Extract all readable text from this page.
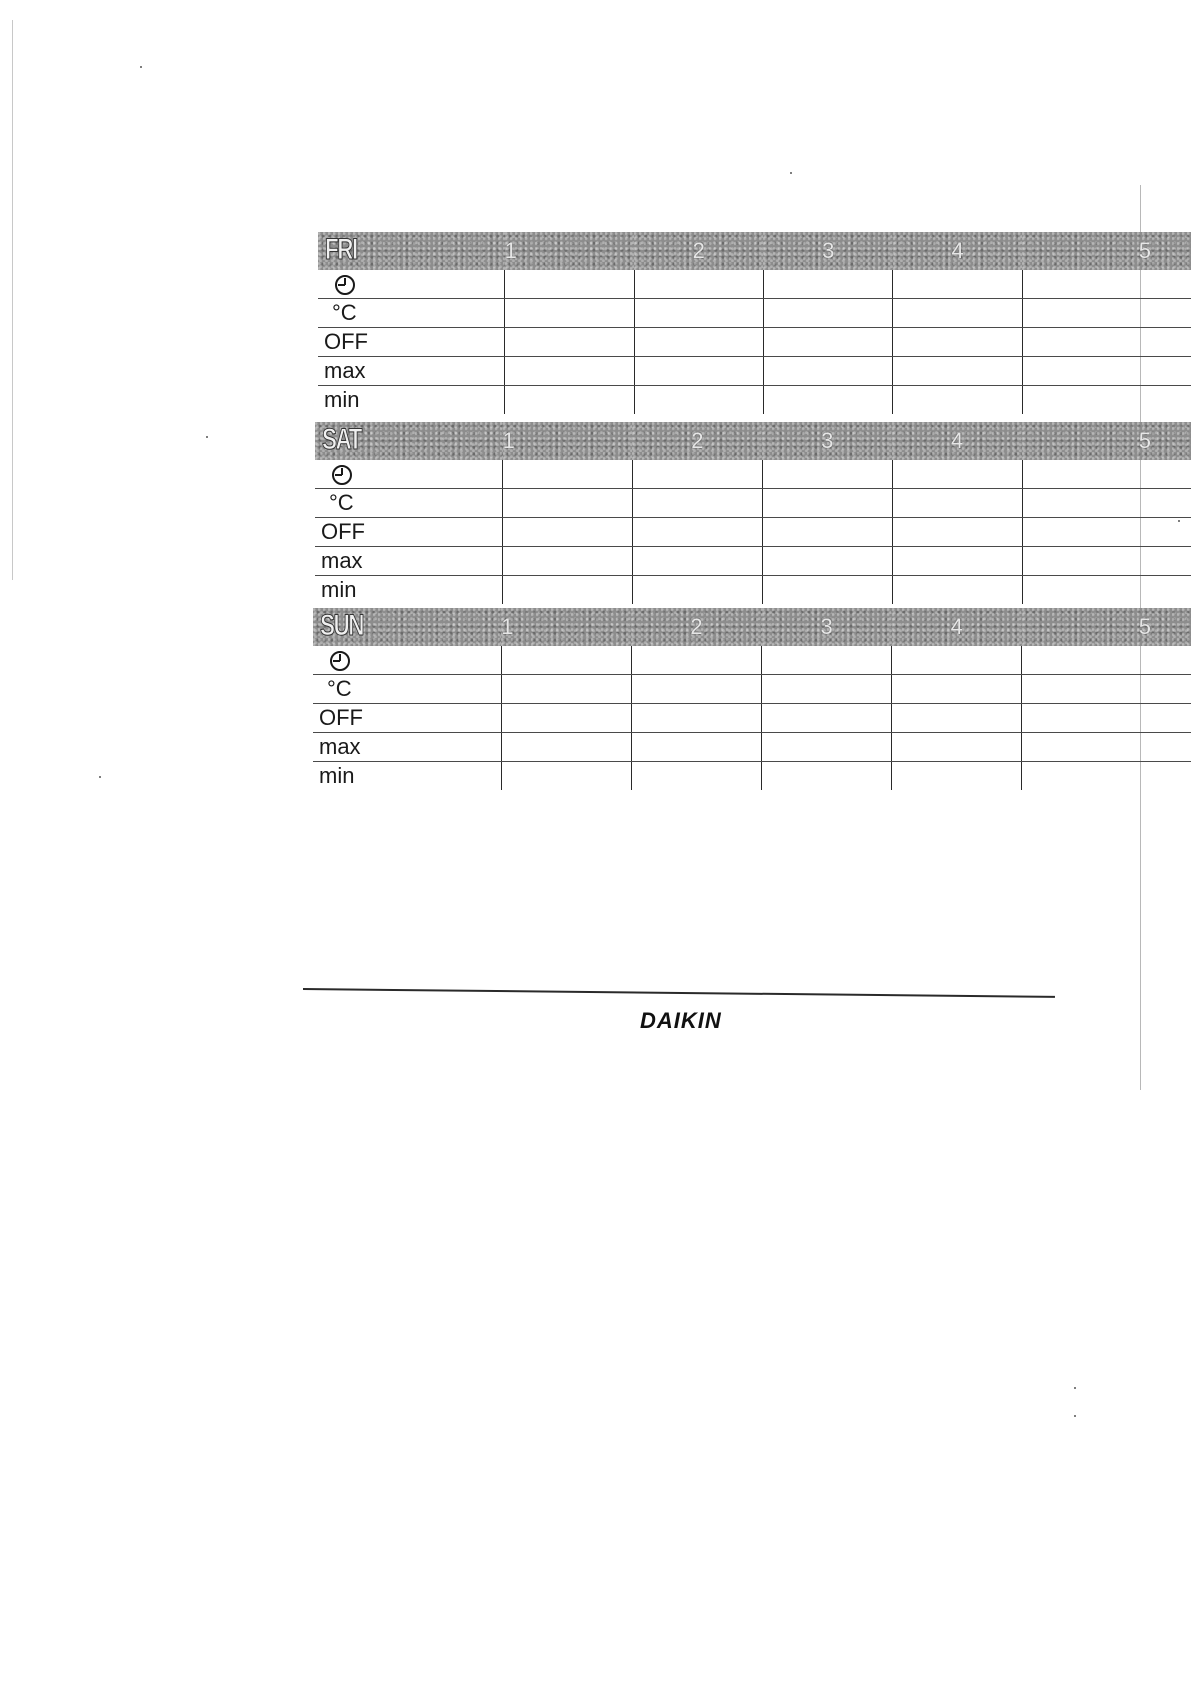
FRI	1	2	3	4	5

°C					
OFF					
max					
min					
SAT	1	2	3	4	5

°C					
OFF					
max					
min					
SUN	1	2	3	4	5

°C					
OFF					
max					
min					
DAIKIN
